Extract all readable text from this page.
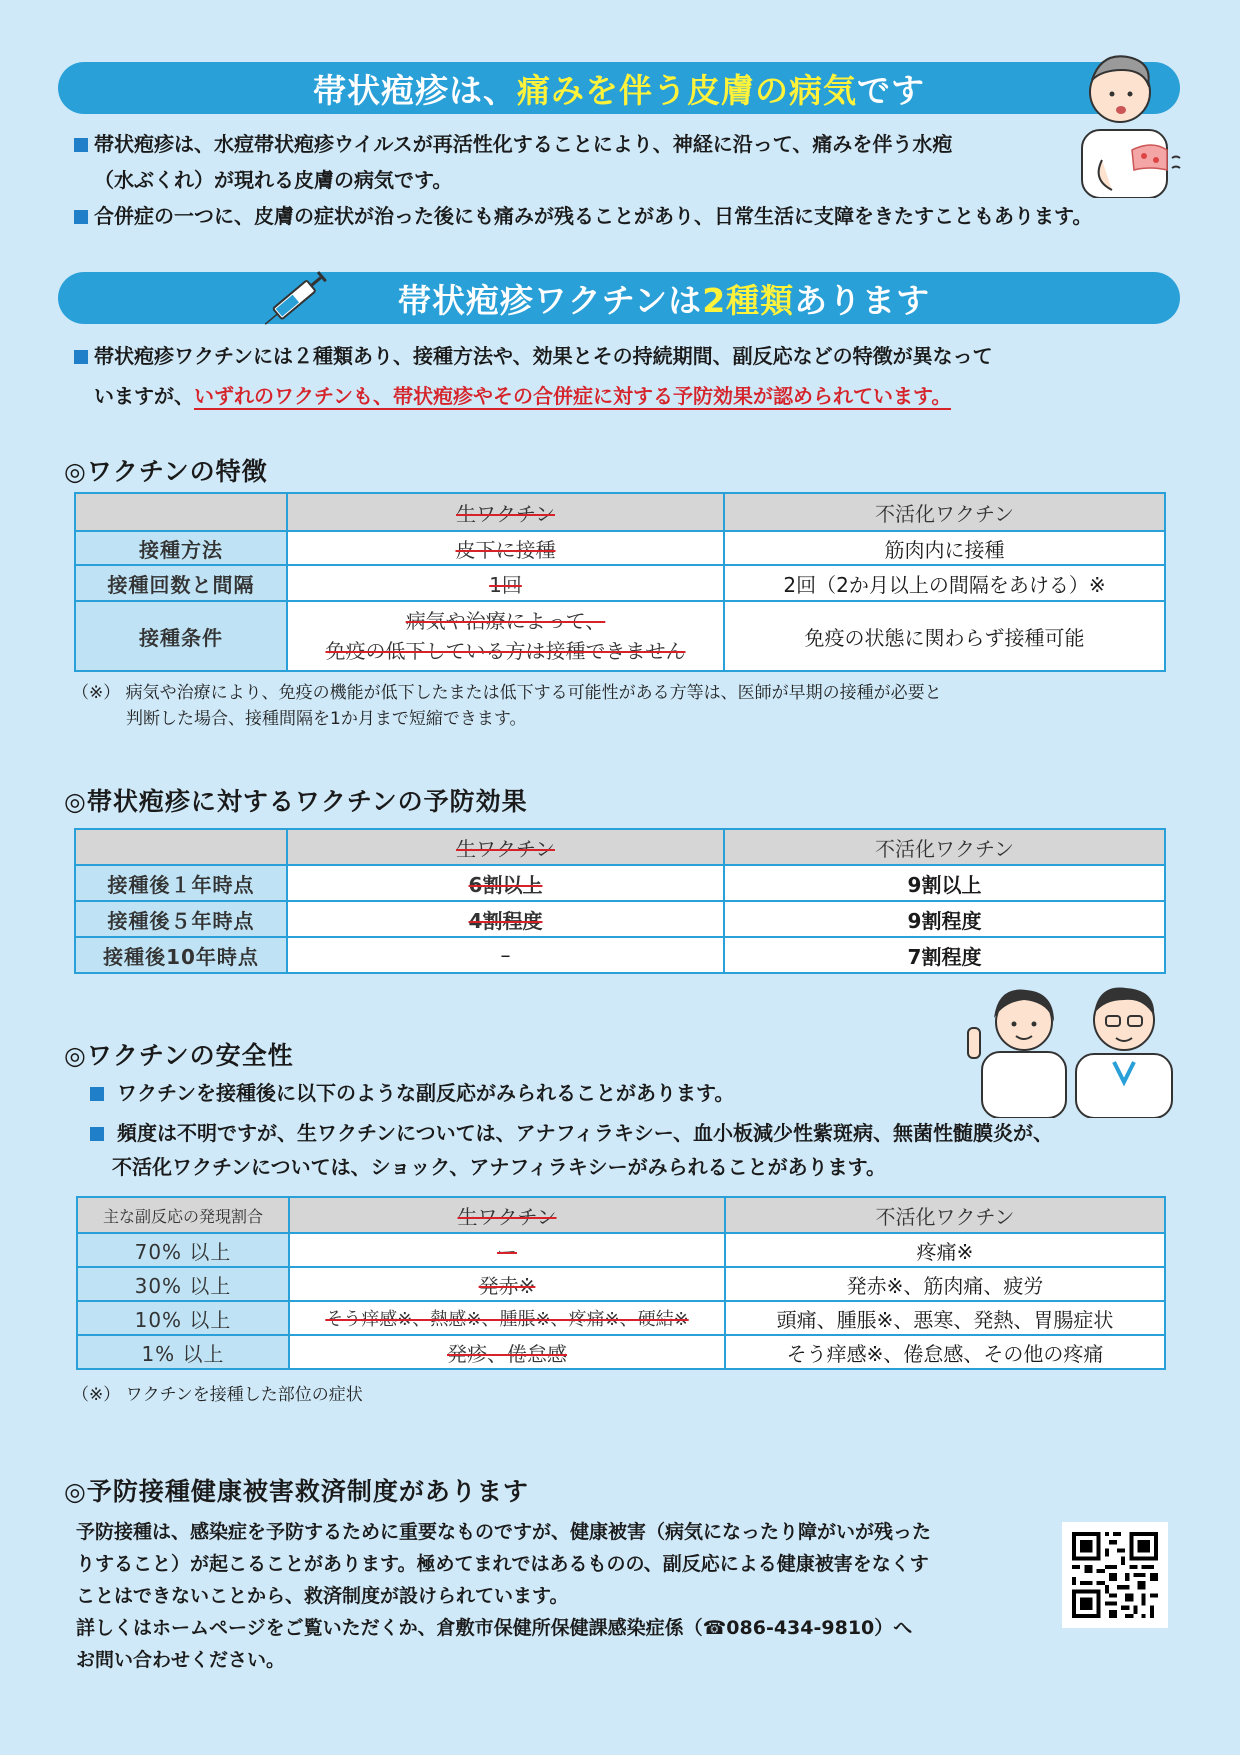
帯状疱疹は、 痛みを伴う皮膚の病気 です
帯状疱疹は、水痘帯状疱疹ウイルスが再活性化することにより、神経に沿って、痛みを伴う水疱
（水ぶくれ）が現れる皮膚の病気です。
合併症の一つに、皮膚の症状が治った後にも痛みが残ることがあり、日常生活に支障をきたすこともあります。
帯状疱疹ワクチンは 2種類 あります
帯状疱疹ワクチンには２種類あり、接種方法や、効果とその持続期間、副反応などの特徴が異なって
いますが、いずれのワクチンも、帯状疱疹やその合併症に対する予防効果が認められています。
◎ワクチンの特徴
	生ワクチン	不活化ワクチン
接種方法	皮下に接種	筋肉内に接種
接種回数と間隔	1回	2回（2か月以上の間隔をあける）※
接種条件	病気や治療によって、
免疫の低下している方は接種できません	免疫の状態に関わらず接種可能
（※） 病気や治療により、免疫の機能が低下したまたは低下する可能性がある方等は、医師が早期の接種が必要と
判断した場合、接種間隔を1か月まで短縮できます。
◎帯状疱疹に対するワクチンの予防効果
	生ワクチン	不活化ワクチン
接種後１年時点	6割以上	9割以上
接種後５年時点	4割程度	9割程度
接種後10年時点	–	7割程度
◎ワクチンの安全性
ワクチンを接種後に以下のような副反応がみられることがあります。
頻度は不明ですが、生ワクチンについては、アナフィラキシー、血小板減少性紫斑病、無菌性髄膜炎が、
不活化ワクチンについては、ショック、アナフィラキシーがみられることがあります。
主な副反応の発現割合	生ワクチン	不活化ワクチン
70% 以上	ー	疼痛※
30% 以上	発赤※	発赤※、筋肉痛、疲労
10% 以上	そう痒感※、熱感※、腫脹※、疼痛※、硬結※	頭痛、腫脹※、悪寒、発熱、胃腸症状
1% 以上	発疹、倦怠感	そう痒感※、倦怠感、その他の疼痛
（※） ワクチンを接種した部位の症状
◎予防接種健康被害救済制度があります
予防接種は、感染症を予防するために重要なものですが、健康被害（病気になったり障がいが残った
りすること）が起こることがあります。極めてまれではあるものの、副反応による健康被害をなくす
ことはできないことから、救済制度が設けられています。
詳しくはホームページをご覧いただくか、倉敷市保健所保健課感染症係（☎086-434-9810）へ
お問い合わせください。
